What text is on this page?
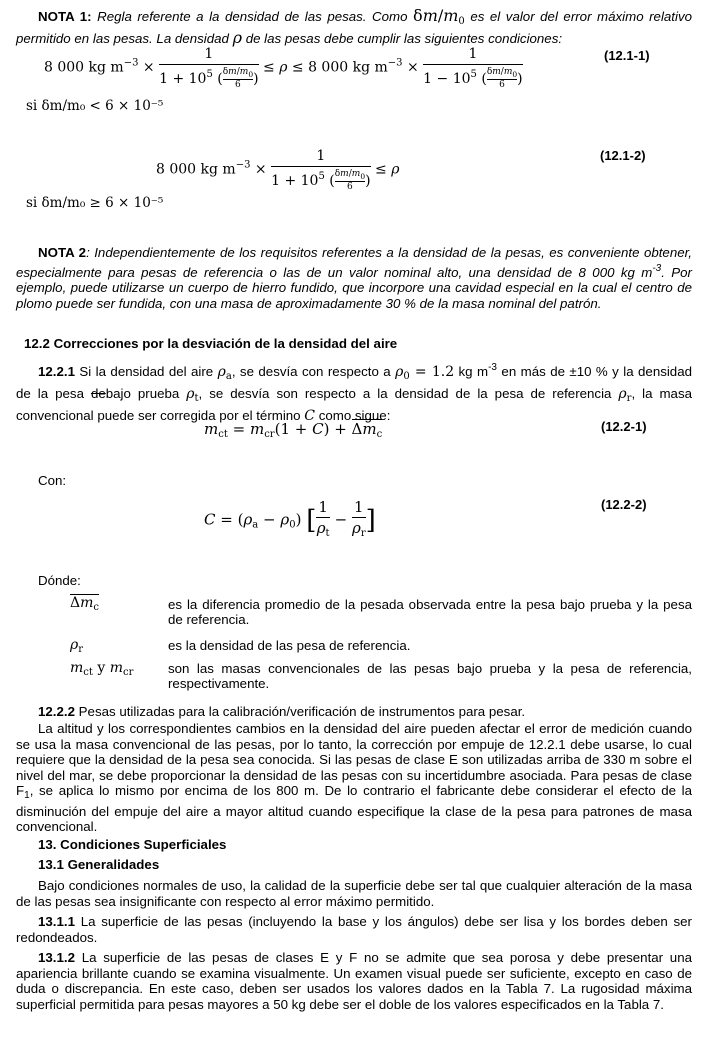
NOTA 1: Regla referente a la densidad de las pesas. Como $\delta m/m_0$ es el valor del error máximo relativo permitido en las pesas. La densidad ρ de las pesas debe cumplir las siguientes condiciones:
8 000 kg $m^{-3} \times \frac{1}{1 + 10^5 ( \frac{\delta m/m_0}{6} )} \le \rho \le 8$ 000 kg $m^{-3} \times \frac{1}{1 - 10^5 ( \frac{\delta m/m_0}{6} )}$	(12.1-1)
si δm/m₀ < 6 × 10⁻⁵
8 000 kg $m^{-3} \times \frac{1}{1 + 10^5 ( \frac{\delta m/m_0}{6} )} \le \rho$
(12.1-2)
si δm/m₀ ≥ 6 × 10⁻⁵
NOTA 2: Independientemente de los requisitos referentes a la densidad de la pesas, es conveniente obtener, especialmente para pesas de referencia o las de un valor nominal alto, una densidad de 8 000 kg $m^{-3}$. Por ejemplo, puede utilizarse un cuerpo de hierro fundido, que incorpore una cavidad especial en la cual el centro de plomo puede ser fundida, con una masa de aproximadamente 30 % de la masa nominal del patrón.
12.2 Correcciones por la desviación de la densidad del aire
12.2.1 Si la densidad del aire $\rho_a$, se desvía con respecto a $\rho_0 = 1.2$ kg $m^{-3}$ en más de ±10 % y la densidad de la pesa debajo prueba $\rho_t$, se desvía son respecto a la densidad de la pesa de referencia $\rho_r$, la masa convencional puede ser corregida por el término C como sigue:
$m_{ct} = m_{cr}(1 + C) + \Delta m_c$
(12.2-1)
Con:
$C = (\rho_a - \rho_0)$ [ $\frac{1}{\rho_t} - \frac{1}{\rho_r}$ ]
(12.2-2)
Dónde:
$\Delta m_c$	es la diferencia promedio de la pesada observada entre la pesa bajo prueba y la pesa de referencia.
$\rho_r$	es la densidad de las pesa de referencia.
$m_{ct}$ y $m_{cr}$	son las masas convencionales de las pesas bajo prueba y la pesa de referencia, respectivamente.
12.2.2 Pesas utilizadas para la calibración/verificación de instrumentos para pesar.
La altitud y los correspondientes cambios en la densidad del aire pueden afectar el error de medición cuando se usa la masa convencional de las pesas, por lo tanto, la corrección por empuje de 12.2.1 debe usarse, lo cual requiere que la densidad de la pesa sea conocida. Si las pesas de clase E son utilizadas arriba de 330 m sobre el nivel del mar, se debe proporcionar la densidad de las pesas con su incertidumbre asociada. Para pesas de clase $F_1$, se aplica lo mismo por encima de los 800 m. De lo contrario el fabricante debe considerar el efecto de la disminución del empuje del aire a mayor altitud cuando especifique la clase de la pesa para patrones de masa convencional.
13. Condiciones Superficiales
13.1 Generalidades
Bajo condiciones normales de uso, la calidad de la superficie debe ser tal que cualquier alteración de la masa de las pesas sea insignificante con respecto al error máximo permitido.
13.1.1 La superficie de las pesas (incluyendo la base y los ángulos) debe ser lisa y los bordes deben ser redondeados.
13.1.2 La superficie de las pesas de clases E y F no se admite que sea porosa y debe presentar una apariencia brillante cuando se examina visualmente. Un examen visual puede ser suficiente, excepto en caso de duda o discrepancia. En este caso, deben ser usados los valores dados en la Tabla 7. La rugosidad máxima superficial permitida para pesas mayores a 50 kg debe ser el doble de los valores especificados en la Tabla 7.
